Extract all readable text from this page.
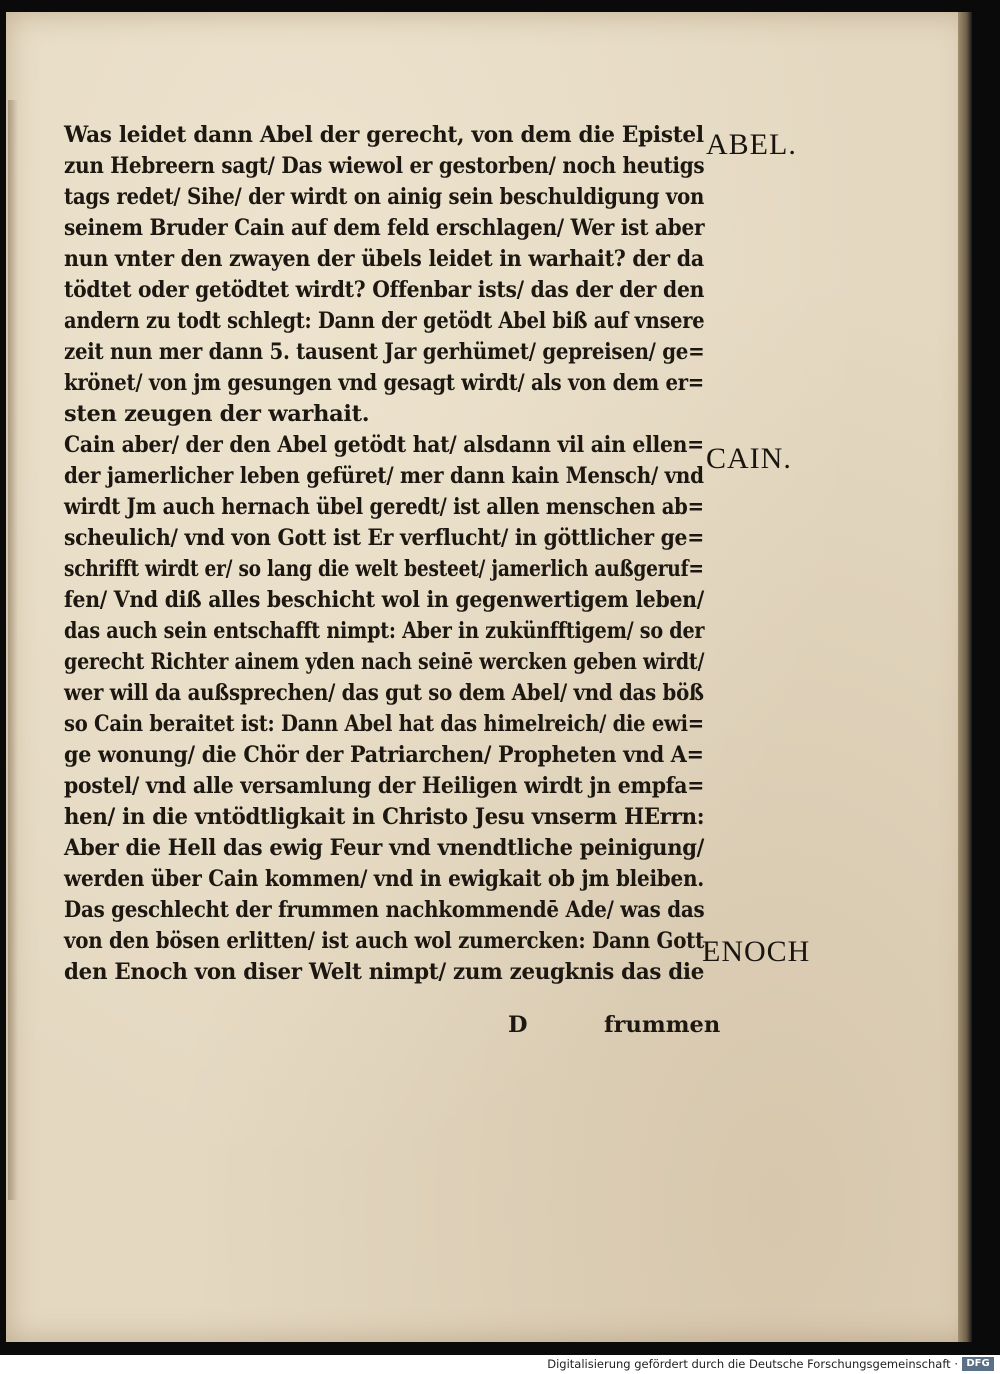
Was leidet dann Abel der gerecht, von dem die Epistel
zun Hebreern sagt/ Das wiewol er gestorben/ noch heutigs
tags redet/ Sihe/ der wirdt on ainig sein beschuldigung von
seinem Bruder Cain auf dem feld erschlagen/ Wer ist aber
nun vnter den zwayen der übels leidet in warhait? der da
tödtet oder getödtet wirdt? Offenbar ists/ das der der den
andern zu todt schlegt: Dann der getödt Abel biß auf vnsere
zeit nun mer dann 5. tausent Jar gerhümet/ gepreisen/ ge=
krönet/ von jm gesungen vnd gesagt wirdt/ als von dem er=
sten zeugen der warhait.
Cain aber/ der den Abel getödt hat/ alsdann vil ain ellen=
der jamerlicher leben gefüret/ mer dann kain Mensch/ vnd
wirdt Jm auch hernach übel geredt/ ist allen menschen ab=
scheulich/ vnd von Gott ist Er verflucht/ in göttlicher ge=
schrifft wirdt er/ so lang die welt besteet/ jamerlich außgeruf=
fen/ Vnd diß alles beschicht wol in gegenwertigem leben/
das auch sein entschafft nimpt: Aber in zukünfftigem/ so der
gerecht Richter ainem yden nach seinē wercken geben wirdt/
wer will da außsprechen/ das gut so dem Abel/ vnd das böß
so Cain beraitet ist: Dann Abel hat das himelreich/ die ewi=
ge wonung/ die Chör der Patriarchen/ Propheten vnd A=
postel/ vnd alle versamlung der Heiligen wirdt jn empfa=
hen/ in die vntödtligkait in Christo Jesu vnserm HErrn:
Aber die Hell das ewig Feur vnd vnendtliche peinigung/
werden über Cain kommen/ vnd in ewigkait ob jm bleiben.
Das geschlecht der frummen nachkommendē Ade/ was das
von den bösen erlitten/ ist auch wol zumercken: Dann Gott
den Enoch von diser Welt nimpt/ zum zeugknis das die
ABEL.
CAIN.
ENOCH
D	frummen
Digitalisierung gefördert durch die Deutsche Forschungsgemeinschaft · DFG
